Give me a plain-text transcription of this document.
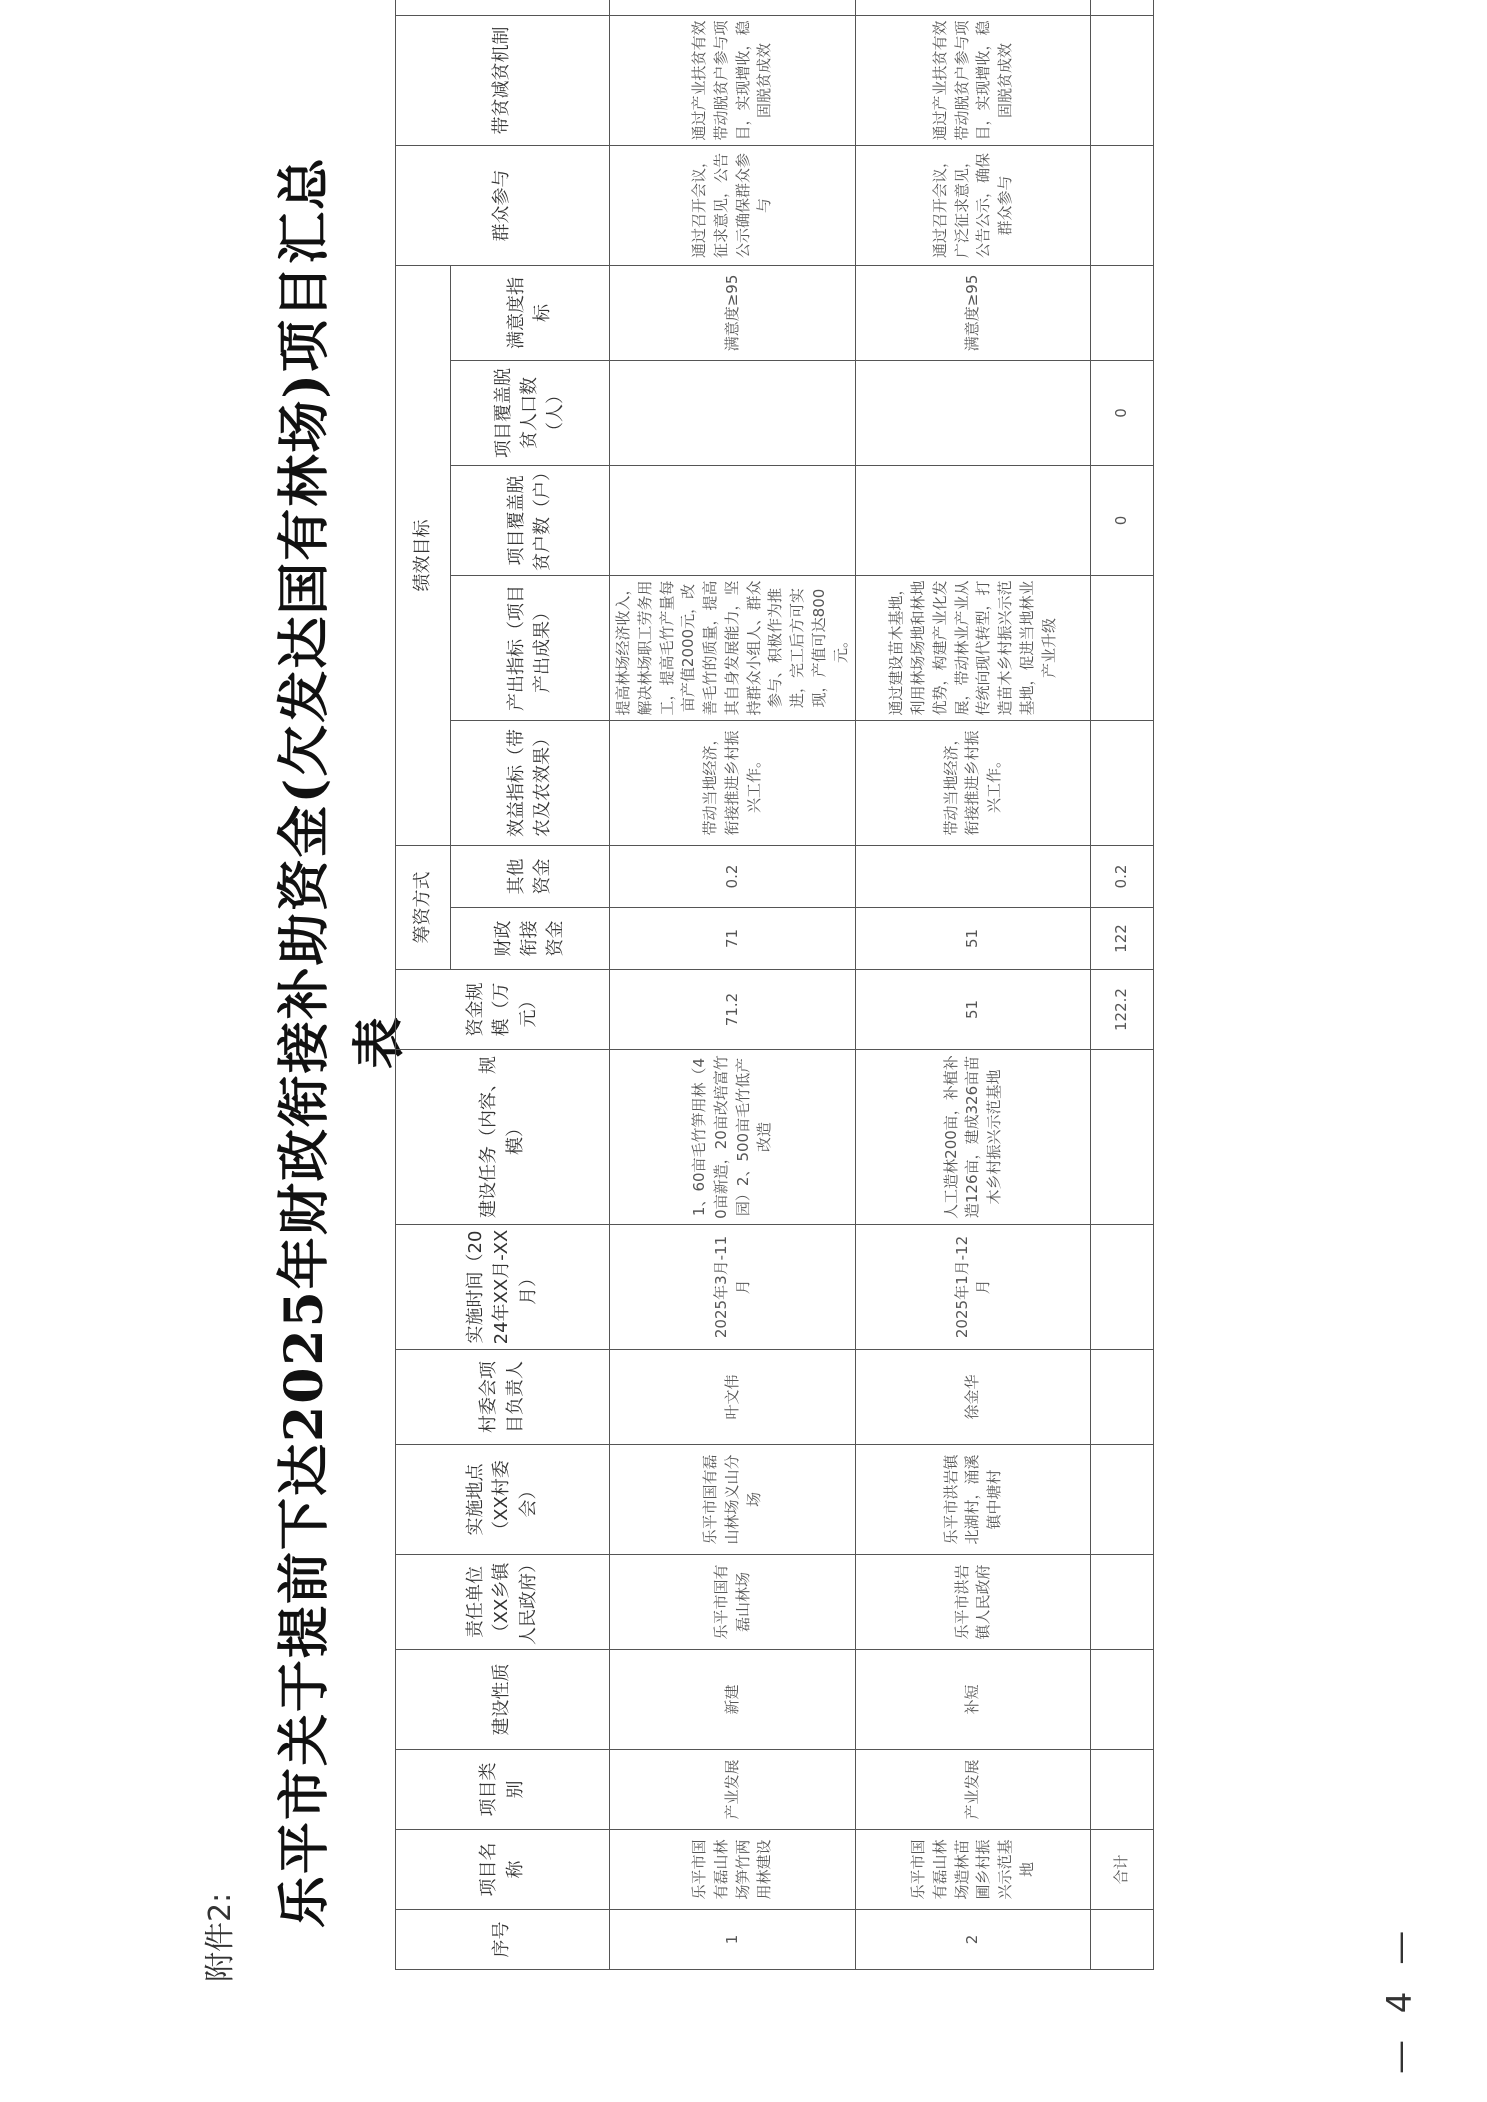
附件2:
乐平市关于提前下达2025年财政衔接补助资金(欠发达国有林场)项目汇总表
序号	项目名称	项目类别	建设性质	责任单位（XX乡镇人民政府）	实施地点（XX村委会）	村委会项目负责人	实施时间（2024年XX月-XX月）	建设任务（内容、规模）	资金规模（万元）	筹资方式		绩效目标					群众参与	带贫减贫机制	
										财政衔接资金	其他资金	效益指标（带农及农效果）	产出指标（项目产出成果）	项目覆盖脱贫户数（户）	项目覆盖脱贫人口数（人）	满意度指标			
1	乐平市国有磊山林场笋竹两用林建设	产业发展	新建	乐平市国有磊山林场	乐平市国有磊山林场义山分场	叶文伟	2025年3月-11月	1、60亩毛竹笋用林（40亩新造，20亩改培富竹园）2、500亩毛竹低产改造	71.2	71	0.2	带动当地经济，衔接推进乡村振兴工作。	提高林场经济收入，解决林场职工劳务用工，提高毛竹产量每亩产值2000元，改善毛竹的质量，提高其自身发展能力，坚持群众小组人、群众参与、积极作为推进，完工后方可实现，产值可达800元。			满意度≥95	通过召开会议，征求意见，公告公示确保群众参与	通过产业扶贫有效带动脱贫户参与项目，实现增收，稳固脱贫成效	
2	乐平市国有磊山林场造林苗圃乡村振兴示范基地	产业发展	补短	乐平市洪岩镇人民政府	乐平市洪岩镇北湖村，涌溪镇中塘村	徐金华	2025年1月-12月	人工造林200亩，补植补造126亩，建成326亩苗木乡村振兴示范基地	51	51		带动当地经济，衔接推进乡村振兴工作。	通过建设苗木基地，利用林场场地和林地优势，构建产业化发展，带动林业产业从传统向现代转型，打造苗木乡村振兴示范基地，促进当地林业产业升级			满意度≥95	通过召开会议，广泛征求意见，公告公示，确保群众参与	通过产业扶贫有效带动脱贫户参与项目，实现增收，稳固脱贫成效	
	合计								122.2	122	0.2			0	0				
— 4 —
